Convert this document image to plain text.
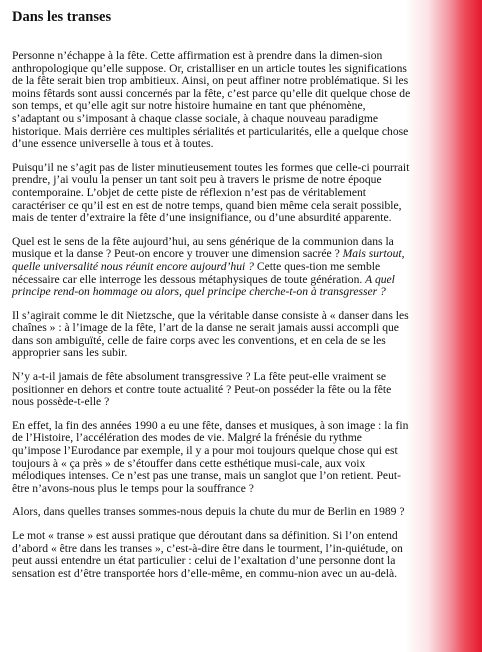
Dans les transes

Personne n’échappe à la fête. Cette affirmation est à prendre dans la dimen-sion anthropologique qu’elle suppose. Or, cristalliser en un article toutes les significations de la fête serait bien trop ambitieux. Ainsi, on peut affiner notre problématique. Si les moins fêtards sont aussi concernés par la fête, c’est parce qu’elle dit quelque chose de son temps, et qu’elle agit sur notre histoire humaine en tant que phénomène, s’adaptant ou s’imposant à chaque classe sociale, à chaque nouveau paradigme historique. Mais derrière ces multiples sérialités et particularités, elle a quelque chose d’une essence universelle à tous et à toutes.

Puisqu’il ne s’agit pas de lister minutieusement toutes les formes que celle-ci pourrait prendre, j’ai voulu la penser un tant soit peu à travers le prisme de notre époque contemporaine. L’objet de cette piste de réflexion n’est pas de véritablement caractériser ce qu’il est en est de notre temps, quand bien même cela serait possible, mais de tenter d’extraire la fête d’une insignifiance, ou d’une absurdité apparente.

Quel est le sens de la fête aujourd’hui, au sens générique de la communion dans la musique et la danse ? Peut-on encore y trouver une dimension sacrée ? Mais surtout, quelle universalité nous réunit encore aujourd’hui ? Cette ques-tion me semble nécessaire car elle interroge les dessous métaphysiques de toute génération. A quel principe rend-on hommage ou alors, quel principe cherche-t-on à transgresser ?

Il s’agirait comme le dit Nietzsche, que la véritable danse consiste à « danser dans les chaînes » : à l’image de la fête, l’art de la danse ne serait jamais aussi accompli que dans son ambiguïté, celle de faire corps avec les conventions, et en cela de se les approprier sans les subir.

N’y a-t-il jamais de fête absolument transgressive ? La fête peut-elle vraiment se positionner en dehors et contre toute actualité ? Peut-on posséder la fête ou la fête nous possède-t-elle ?

En effet, la fin des années 1990 a eu une fête, danses et musiques, à son image : la fin de l’Histoire, l’accélération des modes de vie. Malgré la frénésie du rythme qu’impose l’Eurodance par exemple, il y a pour moi toujours quelque chose qui est toujours à « ça près » de s’étouffer dans cette esthétique musi-cale, aux voix mélodiques intenses. Ce n’est pas une transe, mais un sanglot que l’on retient. Peut-être n’avons-nous plus le temps pour la souffrance ?

Alors, dans quelles transes sommes-nous depuis la chute du mur de Berlin en 1989 ?

Le mot « transe » est aussi pratique que déroutant dans sa définition. Si l’on entend d’abord « être dans les transes », c’est-à-dire être dans le tourment, l’in-quiétude, on peut aussi entendre un état particulier : celui de l’exaltation d’une personne dont la sensation est d’être transportée hors d’elle-même, en commu-nion avec un au-delà.
